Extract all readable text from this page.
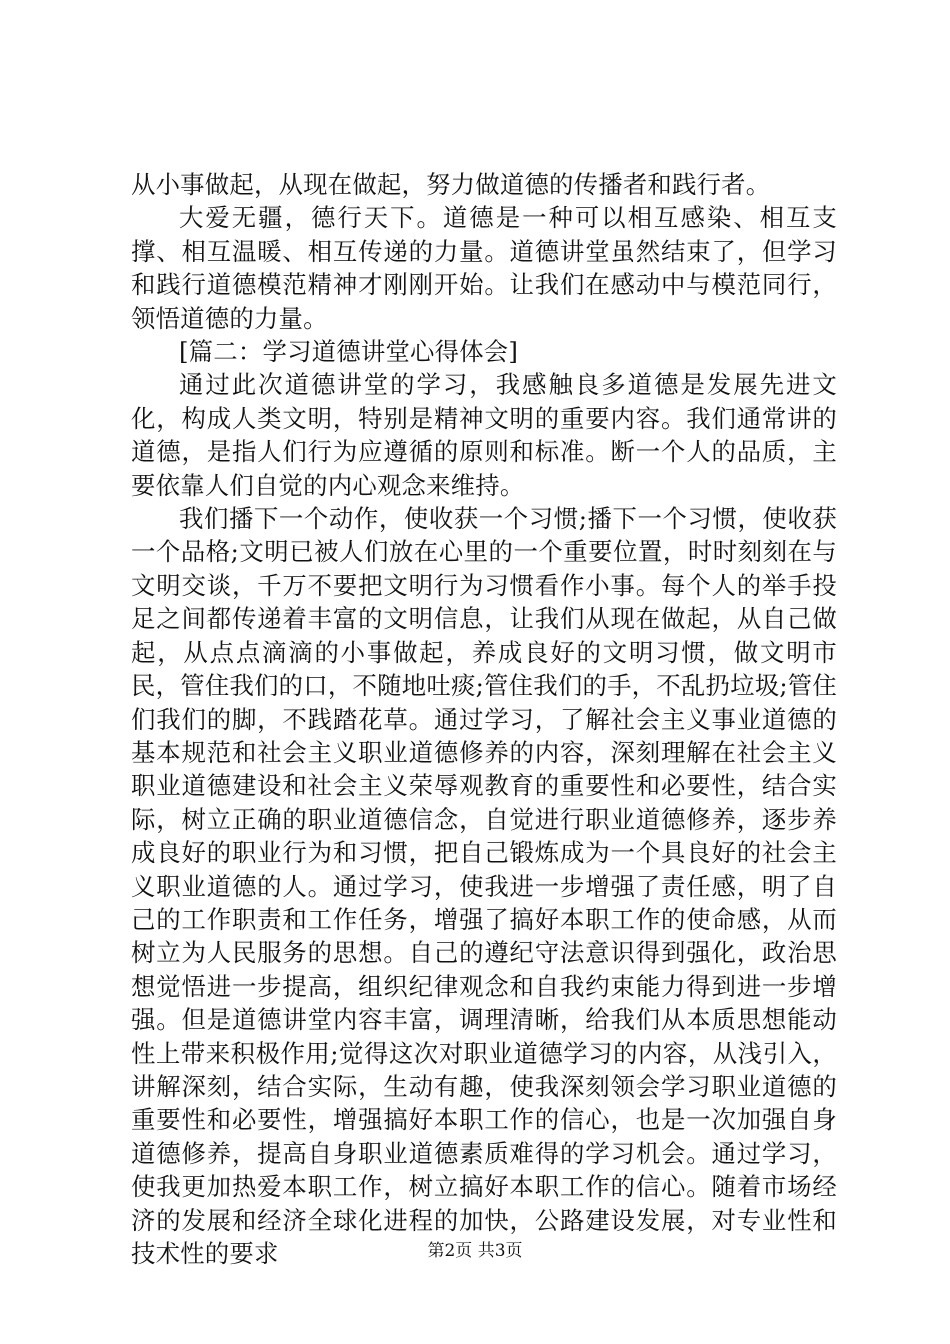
从小事做起，从现在做起，努力做道德的传播者和践行者。

大爱无疆，德行天下。道德是一种可以相互感染、相互支撑、相互温暖、相互传递的力量。道德讲堂虽然结束了，但学习和践行道德模范精神才刚刚开始。让我们在感动中与模范同行，领悟道德的力量。

[篇二：学习道德讲堂心得体会]

通过此次道德讲堂的学习，我感触良多道德是发展先进文化，构成人类文明，特别是精神文明的重要内容。我们通常讲的道德，是指人们行为应遵循的原则和标准。断一个人的品质，主要依靠人们自觉的内心观念来维持。

我们播下一个动作，使收获一个习惯;播下一个习惯，使收获一个品格;文明已被人们放在心里的一个重要位置，时时刻刻在与文明交谈，千万不要把文明行为习惯看作小事。每个人的举手投足之间都传递着丰富的文明信息，让我们从现在做起，从自己做起，从点点滴滴的小事做起，养成良好的文明习惯，做文明市民，管住我们的口，不随地吐痰;管住我们的手，不乱扔垃圾;管住们我们的脚，不践踏花草。通过学习，了解社会主义事业道德的基本规范和社会主义职业道德修养的内容，深刻理解在社会主义职业道德建设和社会主义荣辱观教育的重要性和必要性，结合实际，树立正确的职业道德信念，自觉进行职业道德修养，逐步养成良好的职业行为和习惯，把自己锻炼成为一个具良好的社会主义职业道德的人。通过学习，使我进一步增强了责任感，明了自己的工作职责和工作任务，增强了搞好本职工作的使命感，从而树立为人民服务的思想。自己的遵纪守法意识得到强化，政治思想觉悟进一步提高，组织纪律观念和自我约束能力得到进一步增强。但是道德讲堂内容丰富，调理清晰，给我们从本质思想能动性上带来积极作用;觉得这次对职业道德学习的内容，从浅引入，讲解深刻，结合实际，生动有趣，使我深刻领会学习职业道德的重要性和必要性，增强搞好本职工作的信心，也是一次加强自身道德修养，提高自身职业道德素质难得的学习机会。通过学习，使我更加热爱本职工作，树立搞好本职工作的信心。随着市场经济的发展和经济全球化进程的加快，公路建设发展，对专业性和技术性的要求	第2页 共3页
